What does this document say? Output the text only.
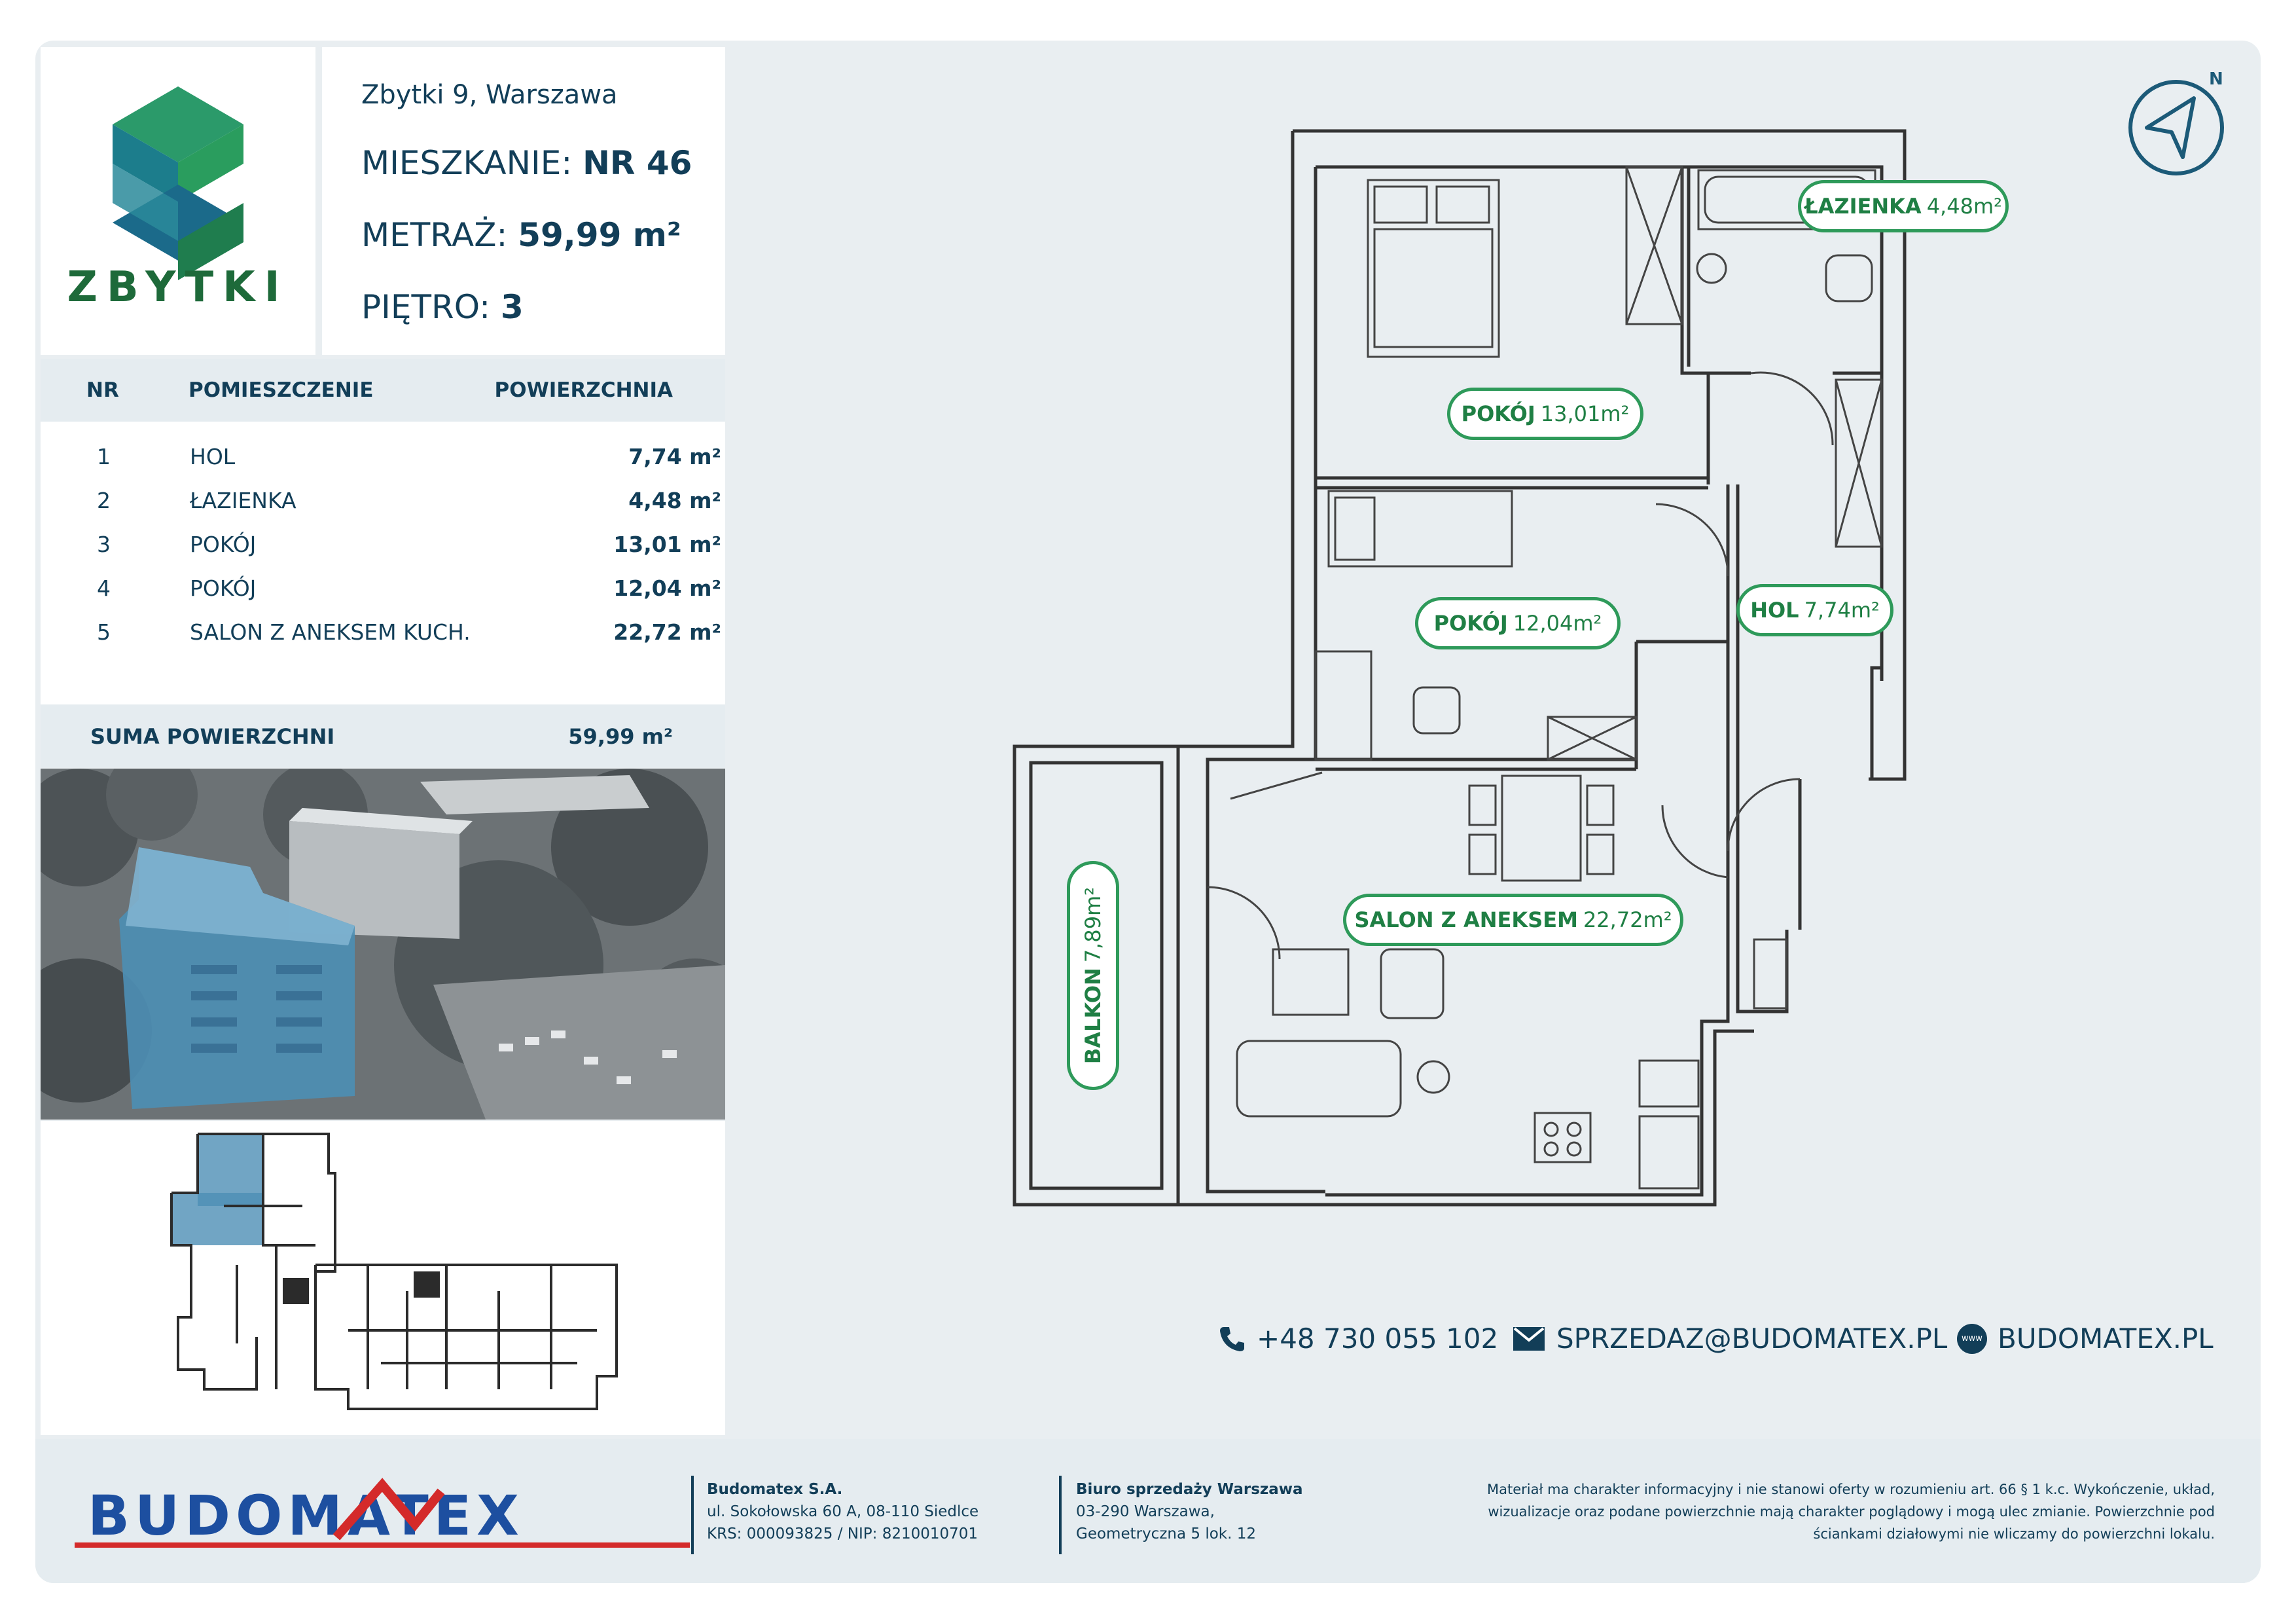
ZBYTKI
Zbytki 9, Warszawa
MIESZKANIE: NR 46
METRAŻ: 59,99 m²
PIĘTRO: 3
NR	POMIESZCZENIE	POWIERZCHNIA
1	HOL	7,74 m²
2	ŁAZIENKA	4,48 m²
3	POKÓJ	13,01 m²
4	POKÓJ	12,04 m²
5	SALON Z ANEKSEM KUCH.	22,72 m²
SUMA POWIERZCHNI	59,99 m²
ŁAZIENKA 4,48m²
POKÓJ 13,01m²
POKÓJ 12,04m²
HOL 7,74m²
SALON Z ANEKSEM 22,72m²
BALKON
7,89m²
N
+48 730 055 102 SPRZEDAZ@BUDOMATEX.PL www BUDOMATEX.PL
BUDOMATEX	Budomatex S.A.
ul. Sokołowska 60 A, 08-110 Siedlce
KRS: 000093825 / NIP: 8210010701
Biuro sprzedaży Warszawa
03-290 Warszawa,
Geometryczna 5 lok. 12
Materiał ma charakter informacyjny i nie stanowi oferty w rozumieniu art. 66 § 1 k.c. Wykończenie, układ,
wizualizacje oraz podane powierzchnie mają charakter poglądowy i mogą ulec zmianie. Powierzchnie pod
ściankami działowymi nie wliczamy do powierzchni lokalu.
